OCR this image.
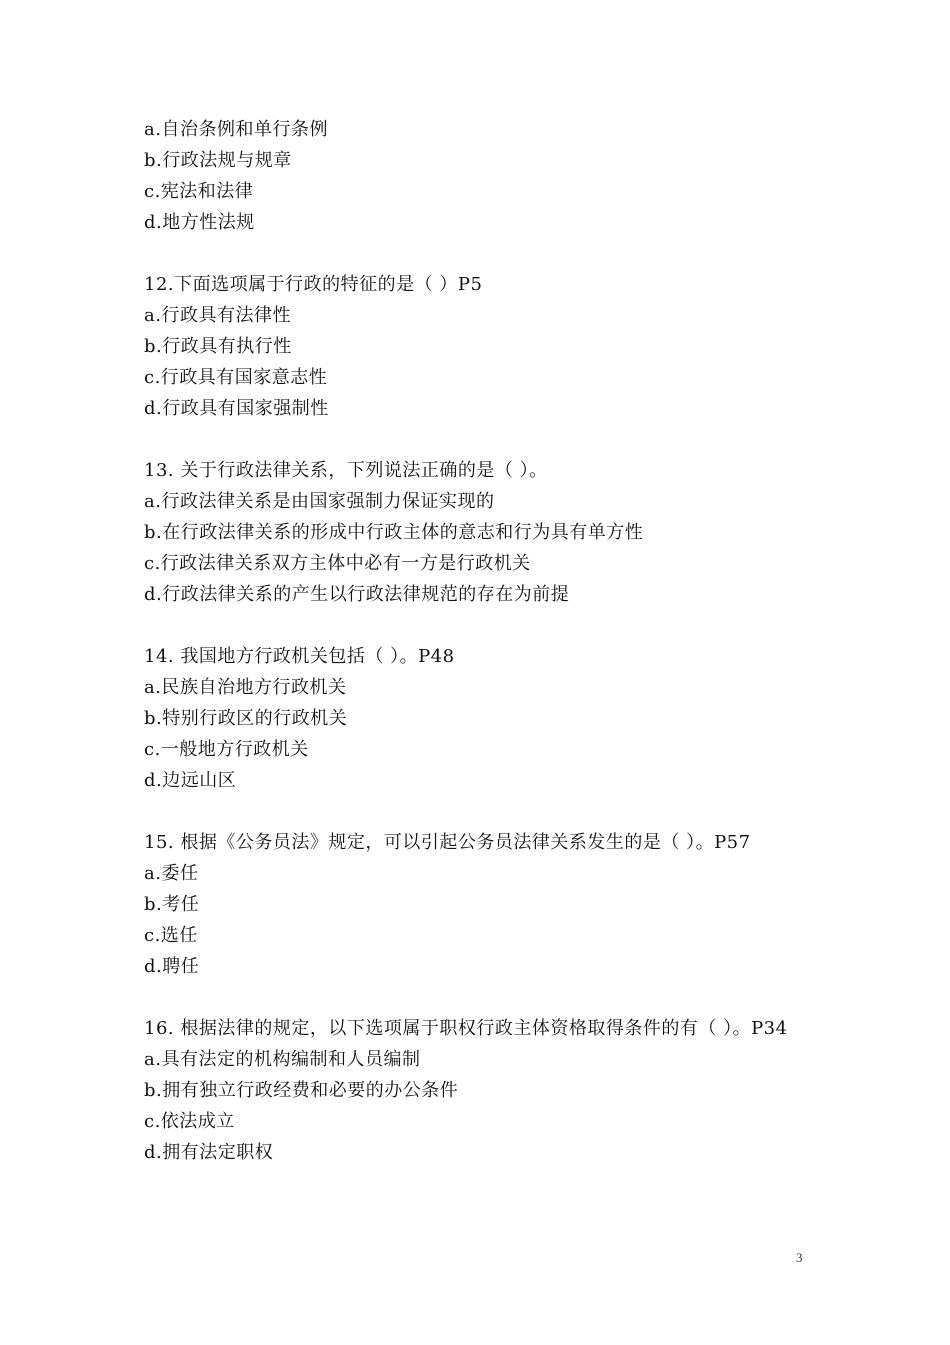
a.自治条例和单行条例
b.行政法规与规章
c.宪法和法律
d.地方性法规
12.下面选项属于行政的特征的是（ ）P5
a.行政具有法律性
b.行政具有执行性
c.行政具有国家意志性
d.行政具有国家强制性
13. 关于行政法律关系，下列说法正确的是（ ）。
a.行政法律关系是由国家强制力保证实现的
b.在行政法律关系的形成中行政主体的意志和行为具有单方性
c.行政法律关系双方主体中必有一方是行政机关
d.行政法律关系的产生以行政法律规范的存在为前提
14. 我国地方行政机关包括（ ）。P48
a.民族自治地方行政机关
b.特别行政区的行政机关
c.一般地方行政机关
d.边远山区
15. 根据《公务员法》规定，可以引起公务员法律关系发生的是（ ）。P57
a.委任
b.考任
c.选任
d.聘任
16. 根据法律的规定，以下选项属于职权行政主体资格取得条件的有（ ）。P34
a.具有法定的机构编制和人员编制
b.拥有独立行政经费和必要的办公条件
c.依法成立
d.拥有法定职权
3
